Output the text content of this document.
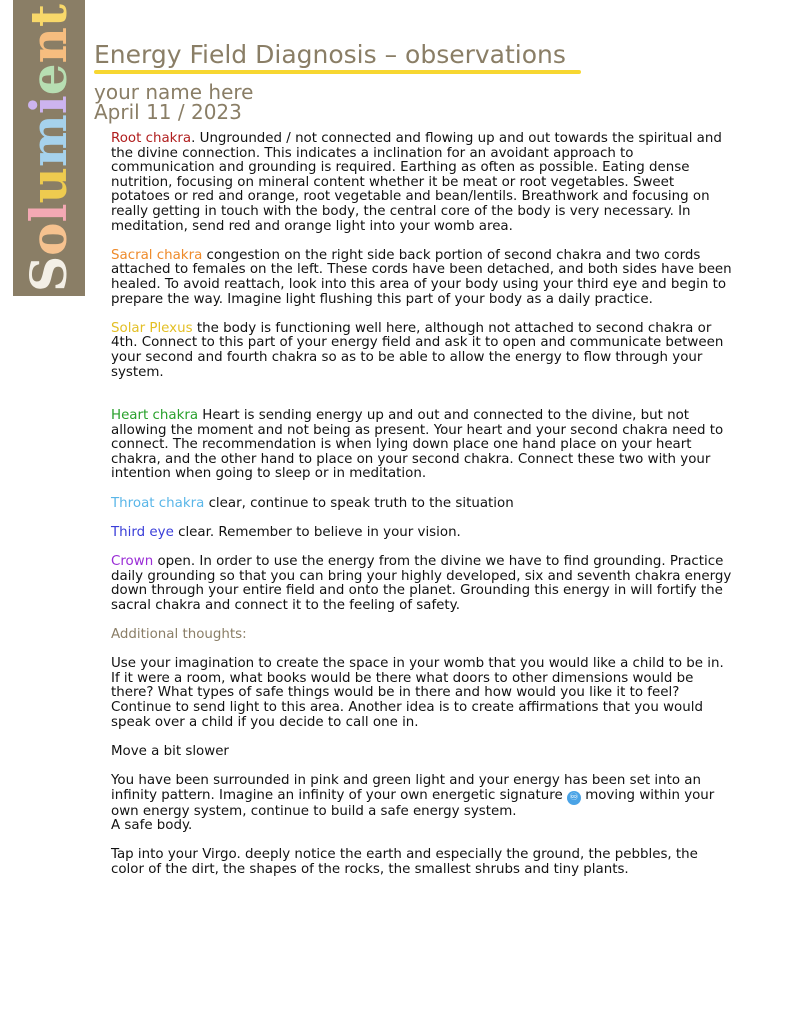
Solumient
Energy Field Diagnosis – observations
your name here
April 11 / 2023

Root chakra. Ungrounded / not connected and flowing up and out towards the spiritual and the divine connection. This indicates a inclination for an avoidant approach to communication and grounding is required. Earthing as often as possible. Eating dense nutrition, focusing on mineral content whether it be meat or root vegetables. Sweet potatoes or red and orange, root vegetable and bean/lentils. Breathwork and focusing on really getting in touch with the body, the central core of the body is very necessary. In meditation, send red and orange light into your womb area.

Sacral chakra congestion on the right side back portion of second chakra and two cords attached to females on the left. These cords have been detached, and both sides have been healed. To avoid reattach, look into this area of your body using your third eye and begin to prepare the way. Imagine light flushing this part of your body as a daily practice.

Solar Plexus the body is functioning well here, although not attached to second chakra or 4th. Connect to this part of your energy field and ask it to open and communicate between your second and fourth chakra so as to be able to allow the energy to flow through your system.

Heart chakra Heart is sending energy up and out and connected to the divine, but not allowing the moment and not being as present. Your heart and your second chakra need to connect. The recommendation is when lying down place one hand place on your heart chakra, and the other hand to place on your second chakra. Connect these two with your intention when going to sleep or in meditation.

Throat chakra clear, continue to speak truth to the situation

Third eye clear. Remember to believe in your vision.

Crown open. In order to use the energy from the divine we have to find grounding. Practice daily grounding so that you can bring your highly developed, six and seventh chakra energy down through your entire field and onto the planet. Grounding this energy in will fortify the sacral chakra and connect it to the feeling of safety.

Additional thoughts:

Use your imagination to create the space in your womb that you would like a child to be in. If it were a room, what books would be there what doors to other dimensions would be there? What types of safe things would be in there and how would you like it to feel? Continue to send light to this area. Another idea is to create affirmations that you would speak over a child if you decide to call one in.

Move a bit slower

You have been surrounded in pink and green light and your energy has been set into an infinity pattern. Imagine an infinity of your own energetic signature ♾ moving within your own energy system, continue to build a safe energy system.
A safe body.

Tap into your Virgo. deeply notice the earth and especially the ground, the pebbles, the color of the dirt, the shapes of the rocks, the smallest shrubs and tiny plants.
